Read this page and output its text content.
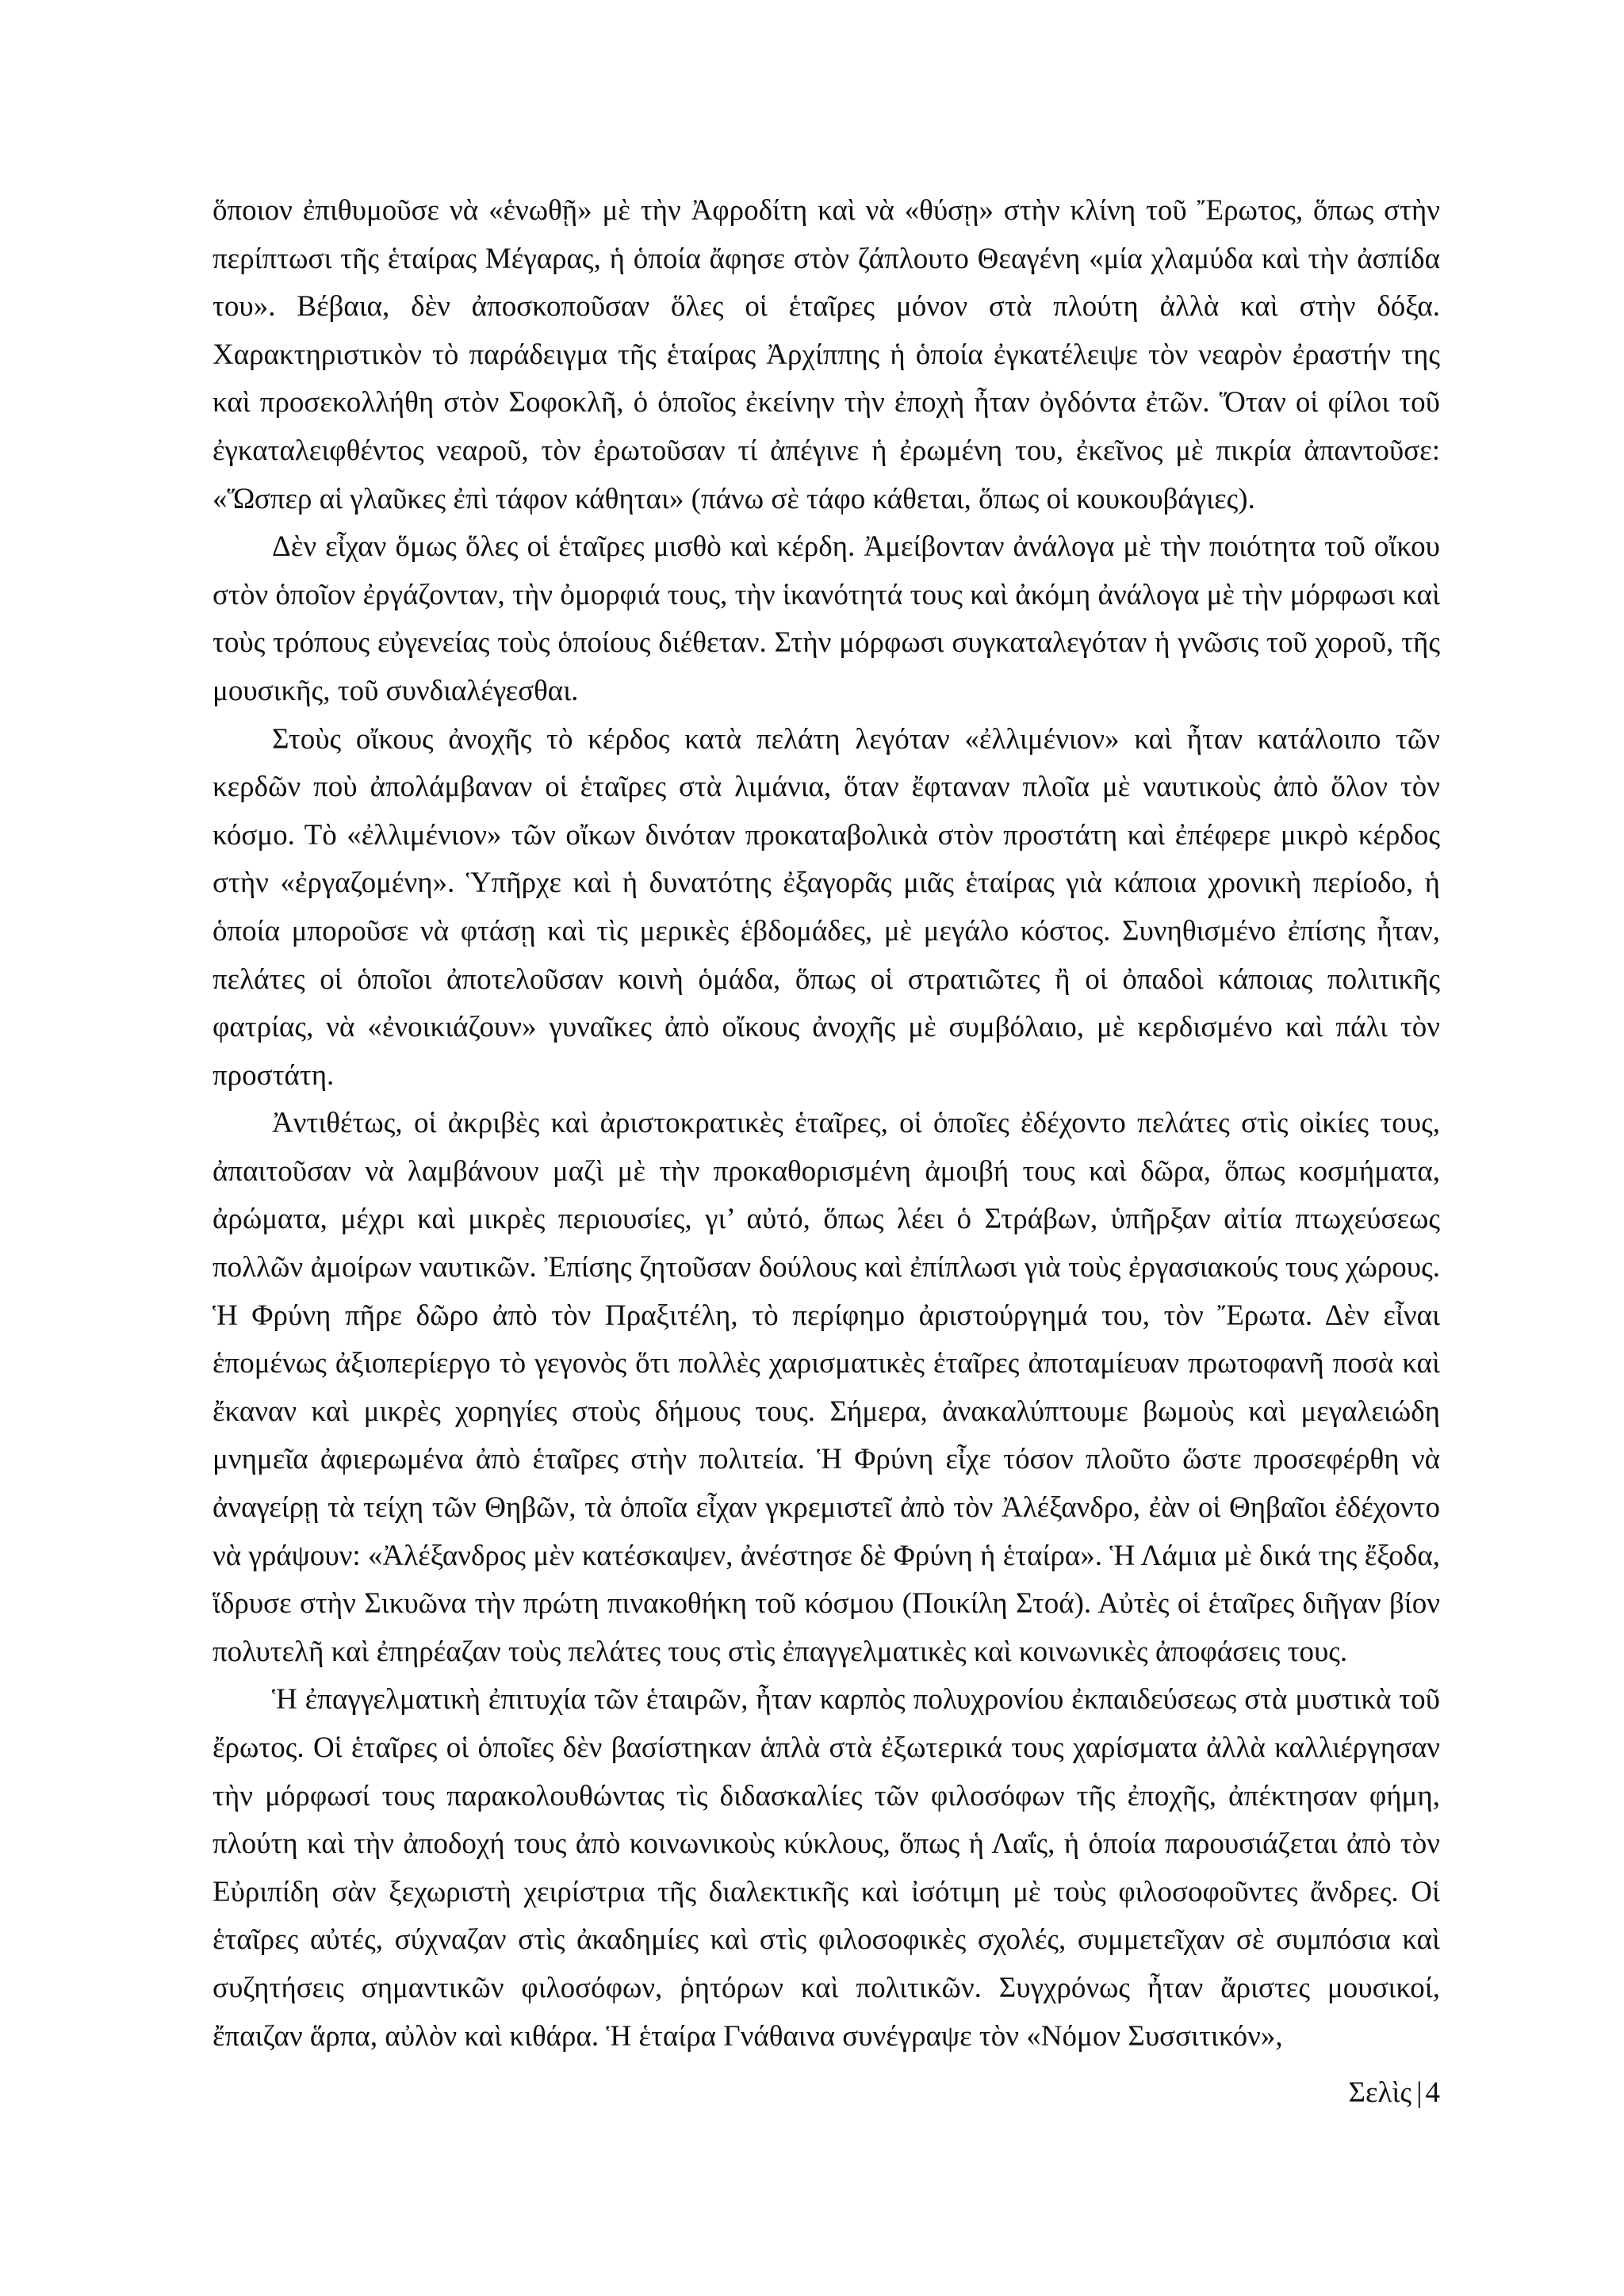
ὅποιον ἐπιθυμοῦσε νὰ «ἑνωθῇ» μὲ τὴν Ἀφροδίτη καὶ νὰ «θύσῃ» στὴν κλίνη τοῦ Ἔρωτος, ὅπως στὴν περίπτωσι τῆς ἑταίρας Μέγαρας, ἡ ὁποία ἄφησε στὸν ζάπλουτο Θεαγένη «μία χλαμύδα καὶ τὴν ἀσπίδα του». Βέβαια, δὲν ἀποσκοποῦσαν ὅλες οἱ ἑταῖρες μόνον στὰ πλούτη ἀλλὰ καὶ στὴν δόξα. Χαρακτηριστικὸν τὸ παράδειγμα τῆς ἑταίρας Ἀρχίππης ἡ ὁποία ἐγκατέλειψε τὸν νεαρὸν ἐραστήν της καὶ προσεκολλήθη στὸν Σοφοκλῆ, ὁ ὁποῖος ἐκείνην τὴν ἐποχὴ ἦταν ὀγδόντα ἐτῶν. Ὅταν οἱ φίλοι τοῦ ἐγκαταλειφθέντος νεαροῦ, τὸν ἐρωτοῦσαν τί ἀπέγινε ἡ ἐρωμένη του, ἐκεῖνος μὲ πικρία ἀπαντοῦσε: «Ὥσπερ αἱ γλαῦκες ἐπὶ τάφον κάθηται» (πάνω σὲ τάφο κάθεται, ὅπως οἱ κουκουβάγιες).

Δὲν εἶχαν ὅμως ὅλες οἱ ἑταῖρες μισθὸ καὶ κέρδη. Ἀμείβονταν ἀνάλογα μὲ τὴν ποιότητα τοῦ οἴκου στὸν ὁποῖον ἐργάζονταν, τὴν ὀμορφιά τους, τὴν ἱκανότητά τους καὶ ἀκόμη ἀνάλογα μὲ τὴν μόρφωσι καὶ τοὺς τρόπους εὐγενείας τοὺς ὁποίους διέθεταν. Στὴν μόρφωσι συγκαταλεγόταν ἡ γνῶσις τοῦ χοροῦ, τῆς μουσικῆς, τοῦ συνδιαλέγεσθαι.

Στοὺς οἴκους ἀνοχῆς τὸ κέρδος κατὰ πελάτη λεγόταν «ἐλλιμένιον» καὶ ἦταν κατάλοιπο τῶν κερδῶν ποὺ ἀπολάμβαναν οἱ ἑταῖρες στὰ λιμάνια, ὅταν ἔφταναν πλοῖα μὲ ναυτικοὺς ἀπὸ ὅλον τὸν κόσμο. Τὸ «ἐλλιμένιον» τῶν οἴκων δινόταν προκαταβολικὰ στὸν προστάτη καὶ ἐπέφερε μικρὸ κέρδος στὴν «ἐργαζομένη». Ὑπῆρχε καὶ ἡ δυνατότης ἐξαγορᾶς μιᾶς ἑταίρας γιὰ κάποια χρονικὴ περίοδο, ἡ ὁποία μποροῦσε νὰ φτάσῃ καὶ τὶς μερικὲς ἑβδομάδες, μὲ μεγάλο κόστος. Συνηθισμένο ἐπίσης ἦταν, πελάτες οἱ ὁποῖοι ἀποτελοῦσαν κοινὴ ὁμάδα, ὅπως οἱ στρατιῶτες ἢ οἱ ὀπαδοὶ κάποιας πολιτικῆς φατρίας, νὰ «ἐνοικιάζουν» γυναῖκες ἀπὸ οἴκους ἀνοχῆς μὲ συμβόλαιο, μὲ κερδισμένο καὶ πάλι τὸν προστάτη.

Ἀντιθέτως, οἱ ἀκριβὲς καὶ ἀριστοκρατικὲς ἑταῖρες, οἱ ὁποῖες ἐδέχοντο πελάτες στὶς οἰκίες τους, ἀπαιτοῦσαν νὰ λαμβάνουν μαζὶ μὲ τὴν προκαθορισμένη ἀμοιβή τους καὶ δῶρα, ὅπως κοσμήματα, ἀρώματα, μέχρι καὶ μικρὲς περιουσίες, γι’ αὐτό, ὅπως λέει ὁ Στράβων, ὑπῆρξαν αἰτία πτωχεύσεως πολλῶν ἀμοίρων ναυτικῶν. Ἐπίσης ζητοῦσαν δούλους καὶ ἐπίπλωσι γιὰ τοὺς ἐργασιακούς τους χώρους. Ἡ Φρύνη πῆρε δῶρο ἀπὸ τὸν Πραξιτέλη, τὸ περίφημο ἀριστούργημά του, τὸν Ἔρωτα. Δὲν εἶναι ἑπομένως ἀξιοπερίεργο τὸ γεγονὸς ὅτι πολλὲς χαρισματικὲς ἑταῖρες ἀποταμίευαν πρωτοφανῆ ποσὰ καὶ ἔκαναν καὶ μικρὲς χορηγίες στοὺς δήμους τους. Σήμερα, ἀνακαλύπτουμε βωμοὺς καὶ μεγαλειώδη μνημεῖα ἀφιερωμένα ἀπὸ ἑταῖρες στὴν πολιτεία. Ἡ Φρύνη εἶχε τόσον πλοῦτο ὥστε προσεφέρθη νὰ ἀναγείρῃ τὰ τείχη τῶν Θηβῶν, τὰ ὁποῖα εἶχαν γκρεμιστεῖ ἀπὸ τὸν Ἀλέξανδρο, ἐὰν οἱ Θηβαῖοι ἐδέχοντο νὰ γράψουν: «Ἀλέξανδρος μὲν κατέσκαψεν, ἀνέστησε δὲ Φρύνη ἡ ἑταίρα». Ἡ Λάμια μὲ δικά της ἔξοδα, ἵδρυσε στὴν Σικυῶνα τὴν πρώτη πινακοθήκη τοῦ κόσμου (Ποικίλη Στοά). Αὐτὲς οἱ ἑταῖρες διῆγαν βίον πολυτελῆ καὶ ἐπηρέαζαν τοὺς πελάτες τους στὶς ἐπαγγελματικὲς καὶ κοινωνικὲς ἀποφάσεις τους.

Ἡ ἐπαγγελματικὴ ἐπιτυχία τῶν ἑταιρῶν, ἦταν καρπὸς πολυχρονίου ἐκπαιδεύσεως στὰ μυστικὰ τοῦ ἔρωτος. Οἱ ἑταῖρες οἱ ὁποῖες δὲν βασίστηκαν ἁπλὰ στὰ ἐξωτερικά τους χαρίσματα ἀλλὰ καλλιέργησαν τὴν μόρφωσί τους παρακολουθώντας τὶς διδασκαλίες τῶν φιλοσόφων τῆς ἐποχῆς, ἀπέκτησαν φήμη, πλούτη καὶ τὴν ἀποδοχή τους ἀπὸ κοινωνικοὺς κύκλους, ὅπως ἡ Λαΐς, ἡ ὁποία παρουσιάζεται ἀπὸ τὸν Εὐριπίδη σὰν ξεχωριστὴ χειρίστρια τῆς διαλεκτικῆς καὶ ἰσότιμη μὲ τοὺς φιλοσοφοῦντες ἄνδρες. Οἱ ἑταῖρες αὐτές, σύχναζαν στὶς ἀκαδημίες καὶ στὶς φιλοσοφικὲς σχολές, συμμετεῖχαν σὲ συμπόσια καὶ συζητήσεις σημαντικῶν φιλοσόφων, ῥητόρων καὶ πολιτικῶν. Συγχρόνως ἦταν ἄριστες μουσικοί, ἔπαιζαν ἅρπα, αὐλὸν καὶ κιθάρα. Ἡ ἑταίρα Γνάθαινα συνέγραψε τὸν «Νόμον Συσσιτικόν»,

Σελὶς | 4
